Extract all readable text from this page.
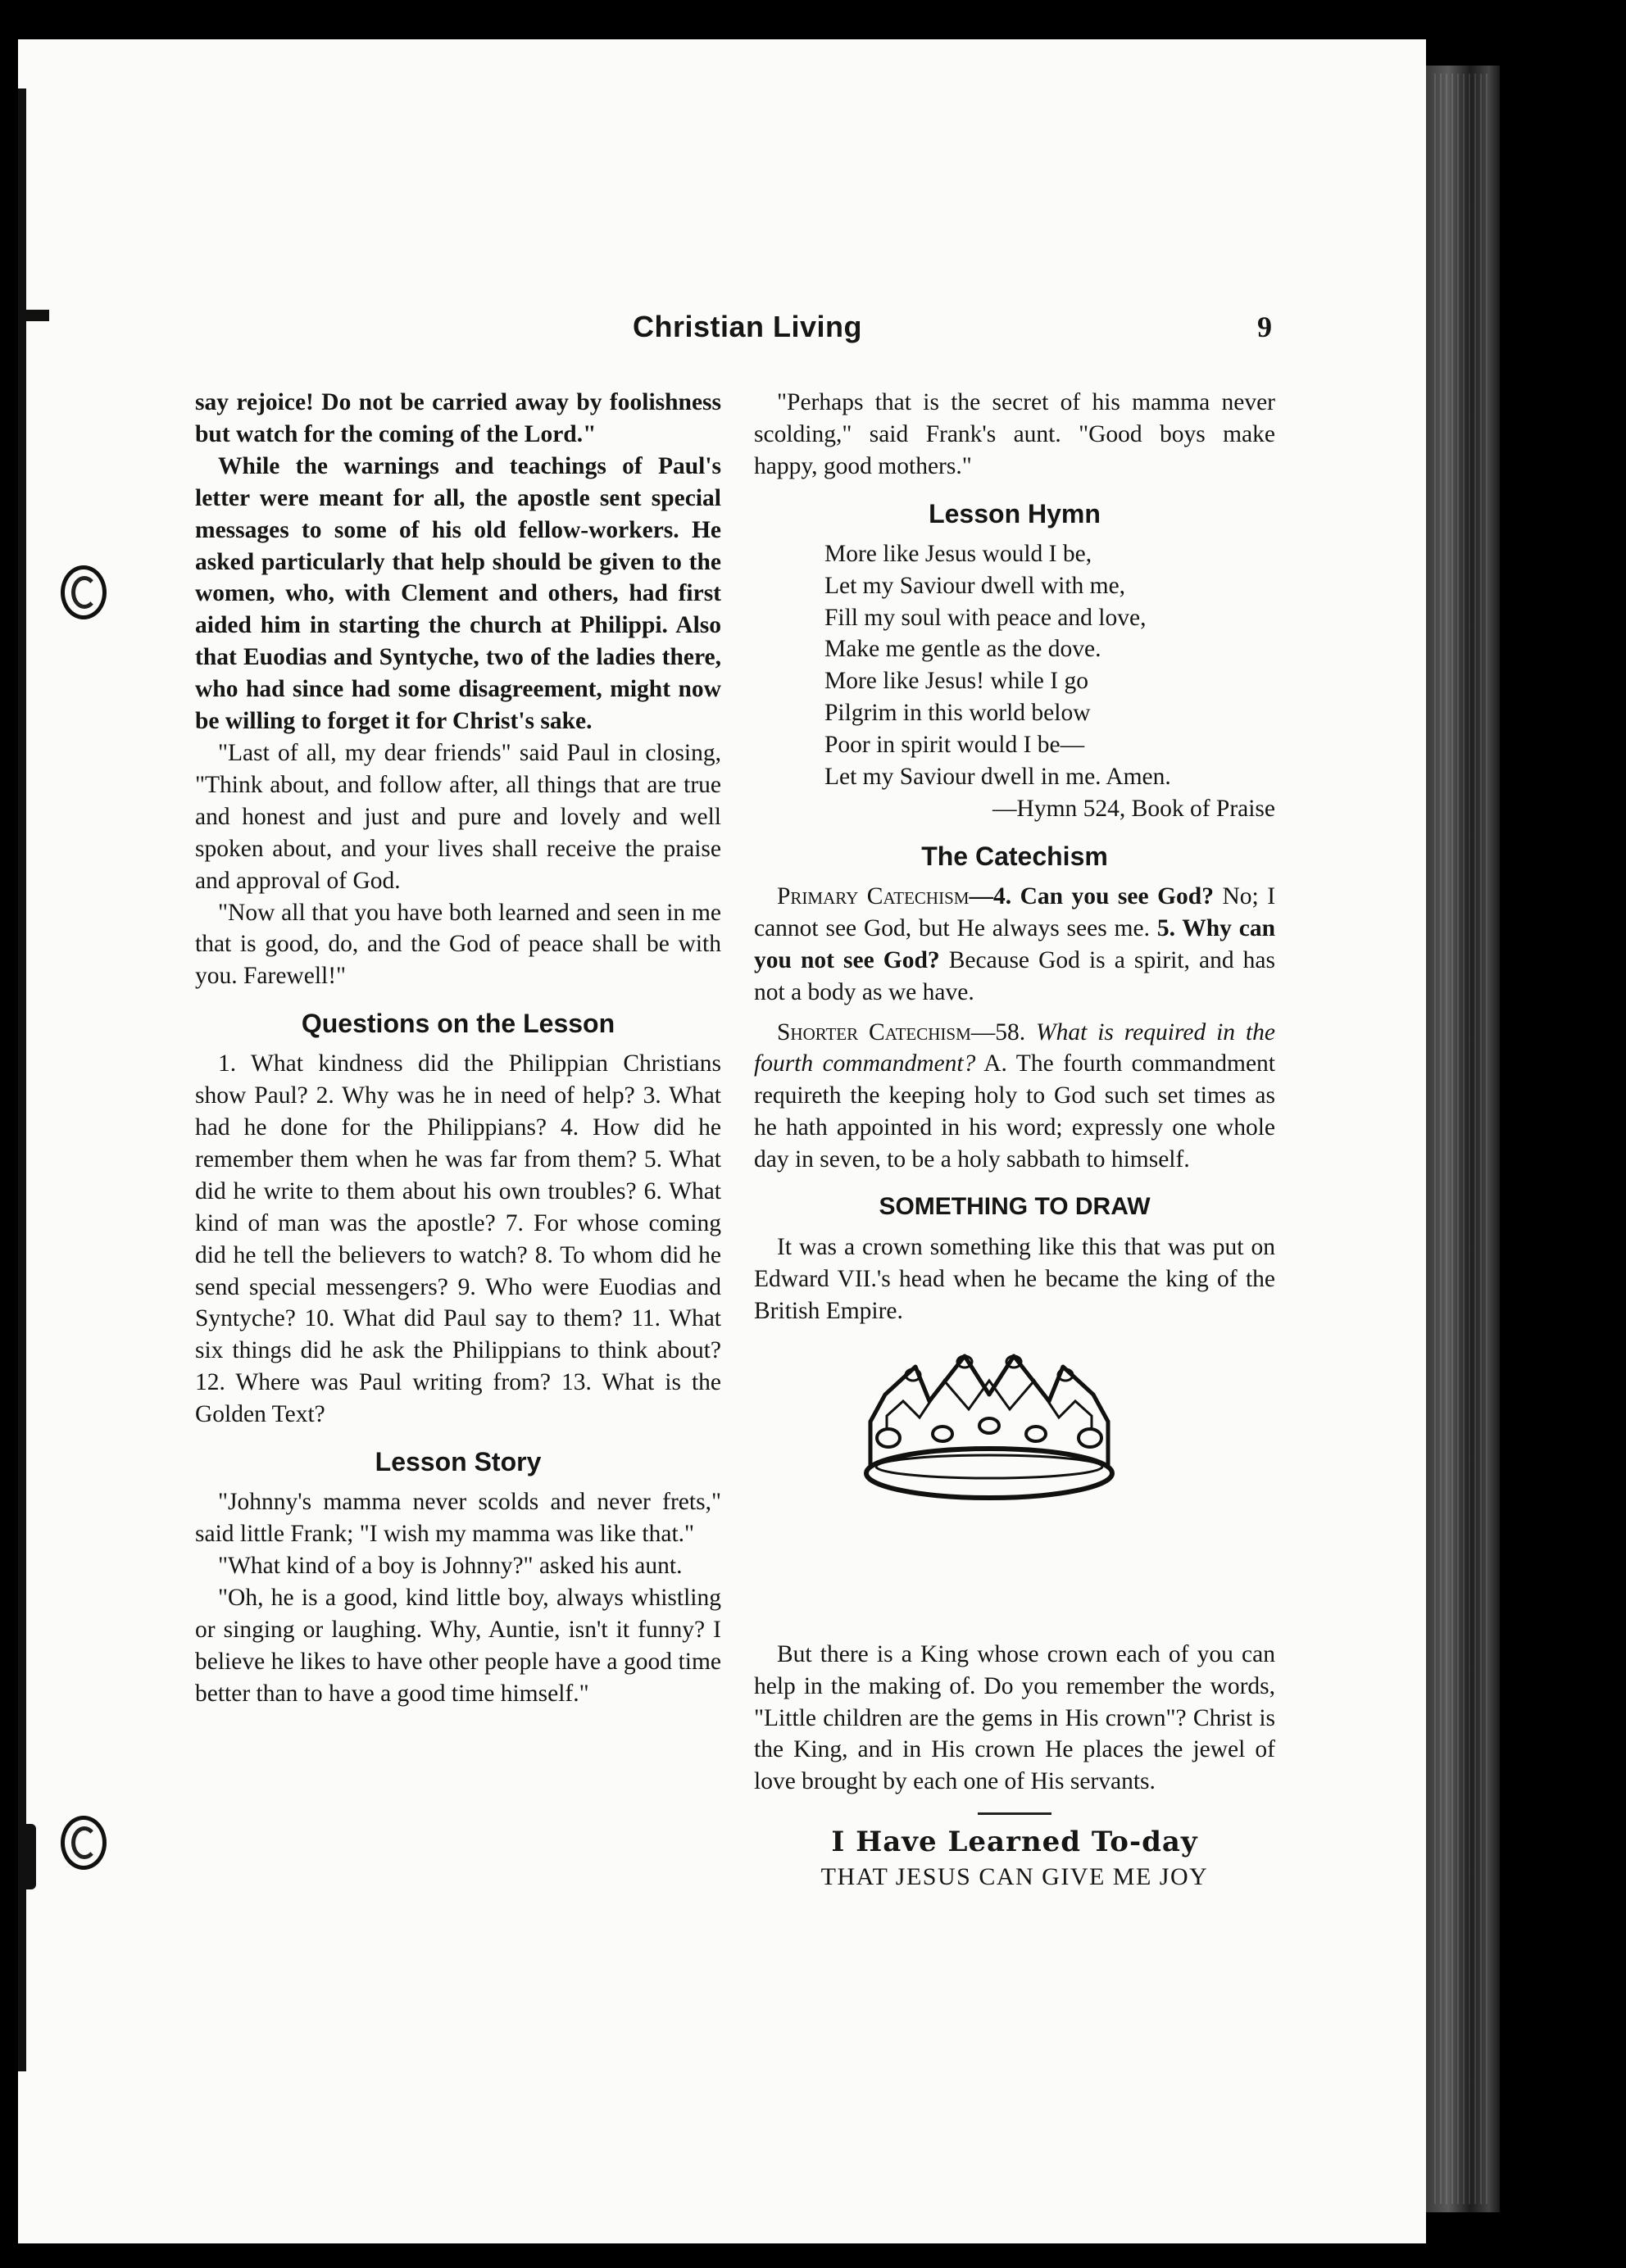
Christian Living	9

say rejoice! Do not be carried away by foolishness but watch for the coming of the Lord."

While the warnings and teachings of Paul's letter were meant for all, the apostle sent special messages to some of his old fellow-workers. He asked particularly that help should be given to the women, who, with Clement and others, had first aided him in starting the church at Philippi. Also that Euodias and Syntyche, two of the ladies there, who had since had some disagreement, might now be willing to forget it for Christ's sake.

"Last of all, my dear friends" said Paul in closing, "Think about, and follow after, all things that are true and honest and just and pure and lovely and well spoken about, and your lives shall receive the praise and approval of God.

"Now all that you have both learned and seen in me that is good, do, and the God of peace shall be with you. Farewell!"

Questions on the Lesson

1. What kindness did the Philippian Christians show Paul? 2. Why was he in need of help? 3. What had he done for the Philippians? 4. How did he remember them when he was far from them? 5. What did he write to them about his own troubles? 6. What kind of man was the apostle? 7. For whose coming did he tell the believers to watch? 8. To whom did he send special messengers? 9. Who were Euodias and Syntyche? 10. What did Paul say to them? 11. What six things did he ask the Philippians to think about? 12. Where was Paul writing from? 13. What is the Golden Text?

Lesson Story

"Johnny's mamma never scolds and never frets," said little Frank; "I wish my mamma was like that."

"What kind of a boy is Johnny?" asked his aunt.

"Oh, he is a good, kind little boy, always whistling or singing or laughing. Why, Auntie, isn't it funny? I believe he likes to have other people have a good time better than to have a good time himself."

"Perhaps that is the secret of his mamma never scolding," said Frank's aunt. "Good boys make happy, good mothers."

Lesson Hymn
More like Jesus would I be,
Let my Saviour dwell with me,
Fill my soul with peace and love,
Make me gentle as the dove.
More like Jesus! while I go
Pilgrim in this world below
Poor in spirit would I be—
Let my Saviour dwell in me. Amen.
—Hymn 524, Book of Praise
The Catechism

Primary Catechism—4. Can you see God? No; I cannot see God, but He always sees me. 5. Why can you not see God? Because God is a spirit, and has not a body as we have.

Shorter Catechism—58. What is required in the fourth commandment? A. The fourth commandment requireth the keeping holy to God such set times as he hath appointed in his word; expressly one whole day in seven, to be a holy sabbath to himself.

SOMETHING TO DRAW

It was a crown something like this that was put on Edward VII.'s head when he became the king of the British Empire.

But there is a King whose crown each of you can help in the making of. Do you remember the words, "Little children are the gems in His crown"? Christ is the King, and in His crown He places the jewel of love brought by each one of His servants.

I Have Learned To-day
THAT JESUS CAN GIVE ME JOY
